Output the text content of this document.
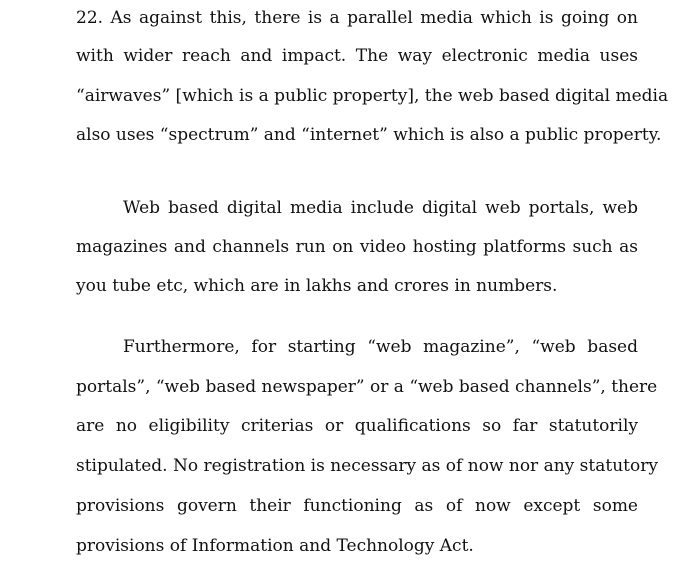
22. As against this, there is a parallel media which is going on
with wider reach and impact. The way electronic media uses
“airwaves” [which is a public property], the web based digital media
also uses “spectrum” and “internet” which is also a public property.
Web based digital media include digital web portals, web
magazines and channels run on video hosting platforms such as
you tube etc, which are in lakhs and crores in numbers.
Furthermore, for starting “web magazine”, “web based
portals”, “web based newspaper” or a “web based channels”, there
are no eligibility criterias or qualifications so far statutorily
stipulated. No registration is necessary as of now nor any statutory
provisions govern their functioning as of now except some
provisions of Information and Technology Act.
